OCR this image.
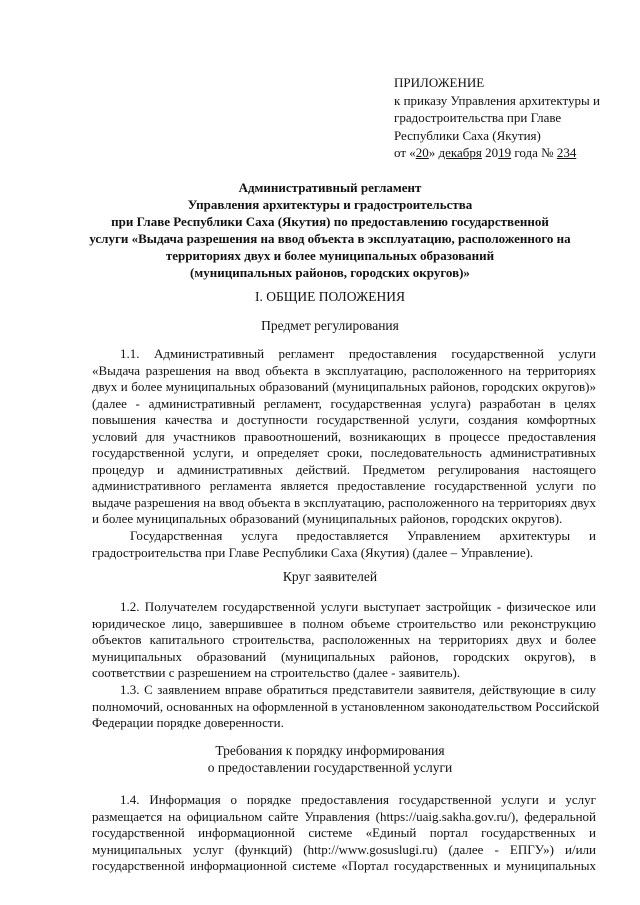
ПРИЛОЖЕНИЕ
к приказу Управления архитектуры и
градостроительства при Главе
Республики Саха (Якутия)
от «20» декабря 2019 года № 234
Административный регламент
Управления архитектуры и градостроительства
при Главе Республики Саха (Якутия) по предоставлению государственной
услуги «Выдача разрешения на ввод объекта в эксплуатацию, расположенного на
территориях двух и более муниципальных образований
(муниципальных районов, городских округов)»
I. ОБЩИЕ ПОЛОЖЕНИЯ
Предмет регулирования
1.1. Административный регламент предоставления государственной услуги
«Выдача разрешения на ввод объекта в эксплуатацию, расположенного на территориях
двух и более муниципальных образований (муниципальных районов, городских округов)»
(далее - административный регламент, государственная услуга) разработан в целях
повышения качества и доступности государственной услуги, создания комфортных
условий для участников правоотношений, возникающих в процессе предоставления
государственной услуги, и определяет сроки, последовательность административных
процедур и административных действий. Предметом регулирования настоящего
административного регламента является предоставление государственной услуги по
выдаче разрешения на ввод объекта в эксплуатацию, расположенного на территориях двух
и более муниципальных образований (муниципальных районов, городских округов).
Государственная услуга предоставляется Управлением архитектуры и
градостроительства при Главе Республики Саха (Якутия) (далее – Управление).
Круг заявителей
1.2. Получателем государственной услуги выступает застройщик - физическое или
юридическое лицо, завершившее в полном объеме строительство или реконструкцию
объектов капитального строительства, расположенных на территориях двух и более
муниципальных образований (муниципальных районов, городских округов), в
соответствии с разрешением на строительство (далее - заявитель).
1.3. С заявлением вправе обратиться представители заявителя, действующие в силу
полномочий, основанных на оформленной в установленном законодательством Российской
Федерации порядке доверенности.
Требования к порядку информирования
о предоставлении государственной услуги
1.4. Информация о порядке предоставления государственной услуги и услуг
размещается на официальном сайте Управления (https://uaig.sakha.gov.ru/), федеральной
государственной информационной системе «Единый портал государственных и
муниципальных услуг (функций) (http://www.gosuslugi.ru) (далее - ЕПГУ») и/или
государственной информационной системе «Портал государственных и муниципальных
